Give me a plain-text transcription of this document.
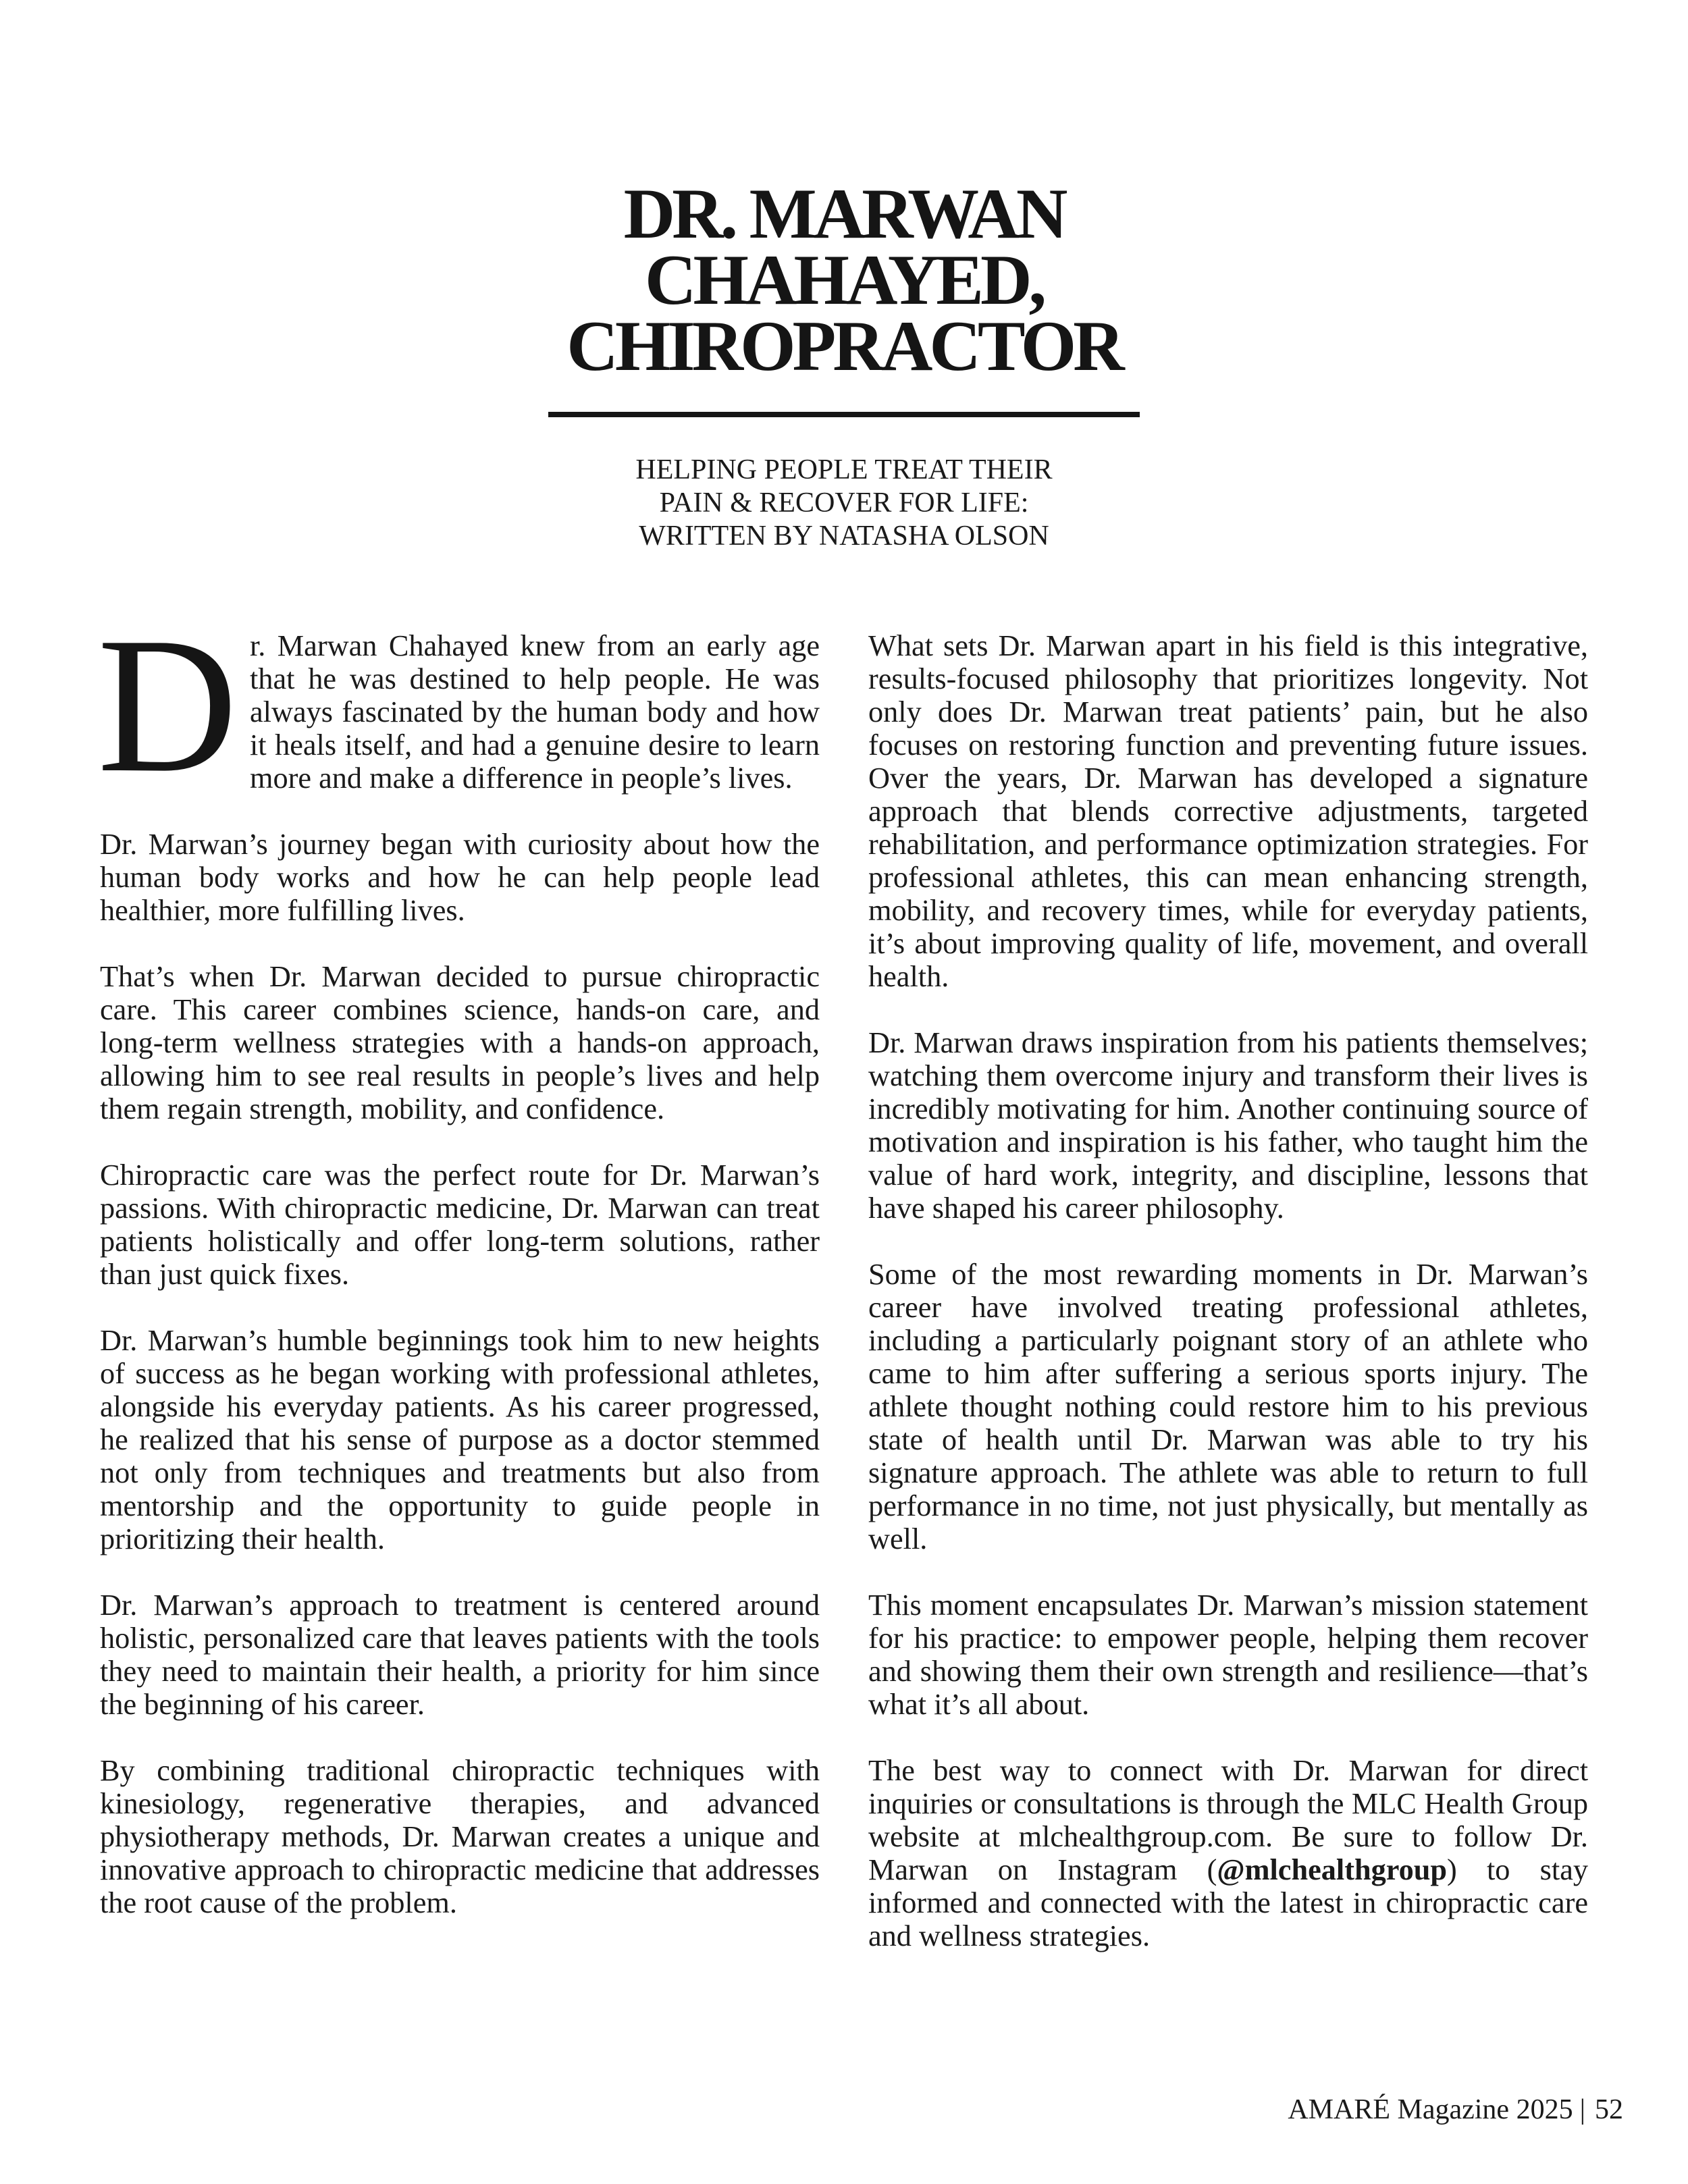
DR. MARWAN
CHAHAYED,
CHIROPRACTOR
HELPING PEOPLE TREAT THEIR
PAIN & RECOVER FOR LIFE:
WRITTEN BY NATASHA OLSON

Dr. Marwan Chahayed knew from an early age that he was destined to help people. He was always fascinated by the human body and how it heals itself, and had a genuine desire to learn more and make a difference in people’s lives.

Dr. Marwan’s journey began with curiosity about how the human body works and how he can help people lead healthier, more fulfilling lives.

That’s when Dr. Marwan decided to pursue chiropractic care. This career combines science, hands-on care, and long-term wellness strategies with a hands-on approach, allowing him to see real results in people’s lives and help them regain strength, mobility, and confidence.

Chiropractic care was the perfect route for Dr. Marwan’s passions. With chiropractic medicine, Dr. Marwan can treat patients holistically and offer long-term solutions, rather than just quick fixes.

Dr. Marwan’s humble beginnings took him to new heights of success as he began working with professional athletes, alongside his everyday patients. As his career progressed, he realized that his sense of purpose as a doctor stemmed not only from techniques and treatments but also from mentorship and the opportunity to guide people in prioritizing their health.

Dr. Marwan’s approach to treatment is centered around holistic, personalized care that leaves patients with the tools they need to maintain their health, a priority for him since the beginning of his career.

By combining traditional chiropractic techniques with kinesiology, regenerative therapies, and advanced physiotherapy methods, Dr. Marwan creates a unique and innovative approach to chiropractic medicine that addresses the root cause of the problem.

What sets Dr. Marwan apart in his field is this integrative, results-focused philosophy that prioritizes longevity. Not only does Dr. Marwan treat patients’ pain, but he also focuses on restoring function and preventing future issues. Over the years, Dr. Marwan has developed a signature approach that blends corrective adjustments, targeted rehabilitation, and performance optimization strategies. For professional athletes, this can mean enhancing strength, mobility, and recovery times, while for everyday patients, it’s about improving quality of life, movement, and overall health.

Dr. Marwan draws inspiration from his patients themselves; watching them overcome injury and transform their lives is incredibly motivating for him. Another continuing source of motivation and inspiration is his father, who taught him the value of hard work, integrity, and discipline, lessons that have shaped his career philosophy.

Some of the most rewarding moments in Dr. Marwan’s career have involved treating professional athletes, including a particularly poignant story of an athlete who came to him after suffering a serious sports injury. The athlete thought nothing could restore him to his previous state of health until Dr. Marwan was able to try his signature approach. The athlete was able to return to full performance in no time, not just physically, but mentally as well.

This moment encapsulates Dr. Marwan’s mission statement for his practice: to empower people, helping them recover and showing them their own strength and resilience—that’s what it’s all about.

The best way to connect with Dr. Marwan for direct inquiries or consultations is through the MLC Health Group website at mlchealthgroup.com. Be sure to follow Dr. Marwan on Instagram (@mlchealthgroup) to stay informed and connected with the latest in chiropractic care and wellness strategies.

AMARÉ Magazine 2025 | 52
